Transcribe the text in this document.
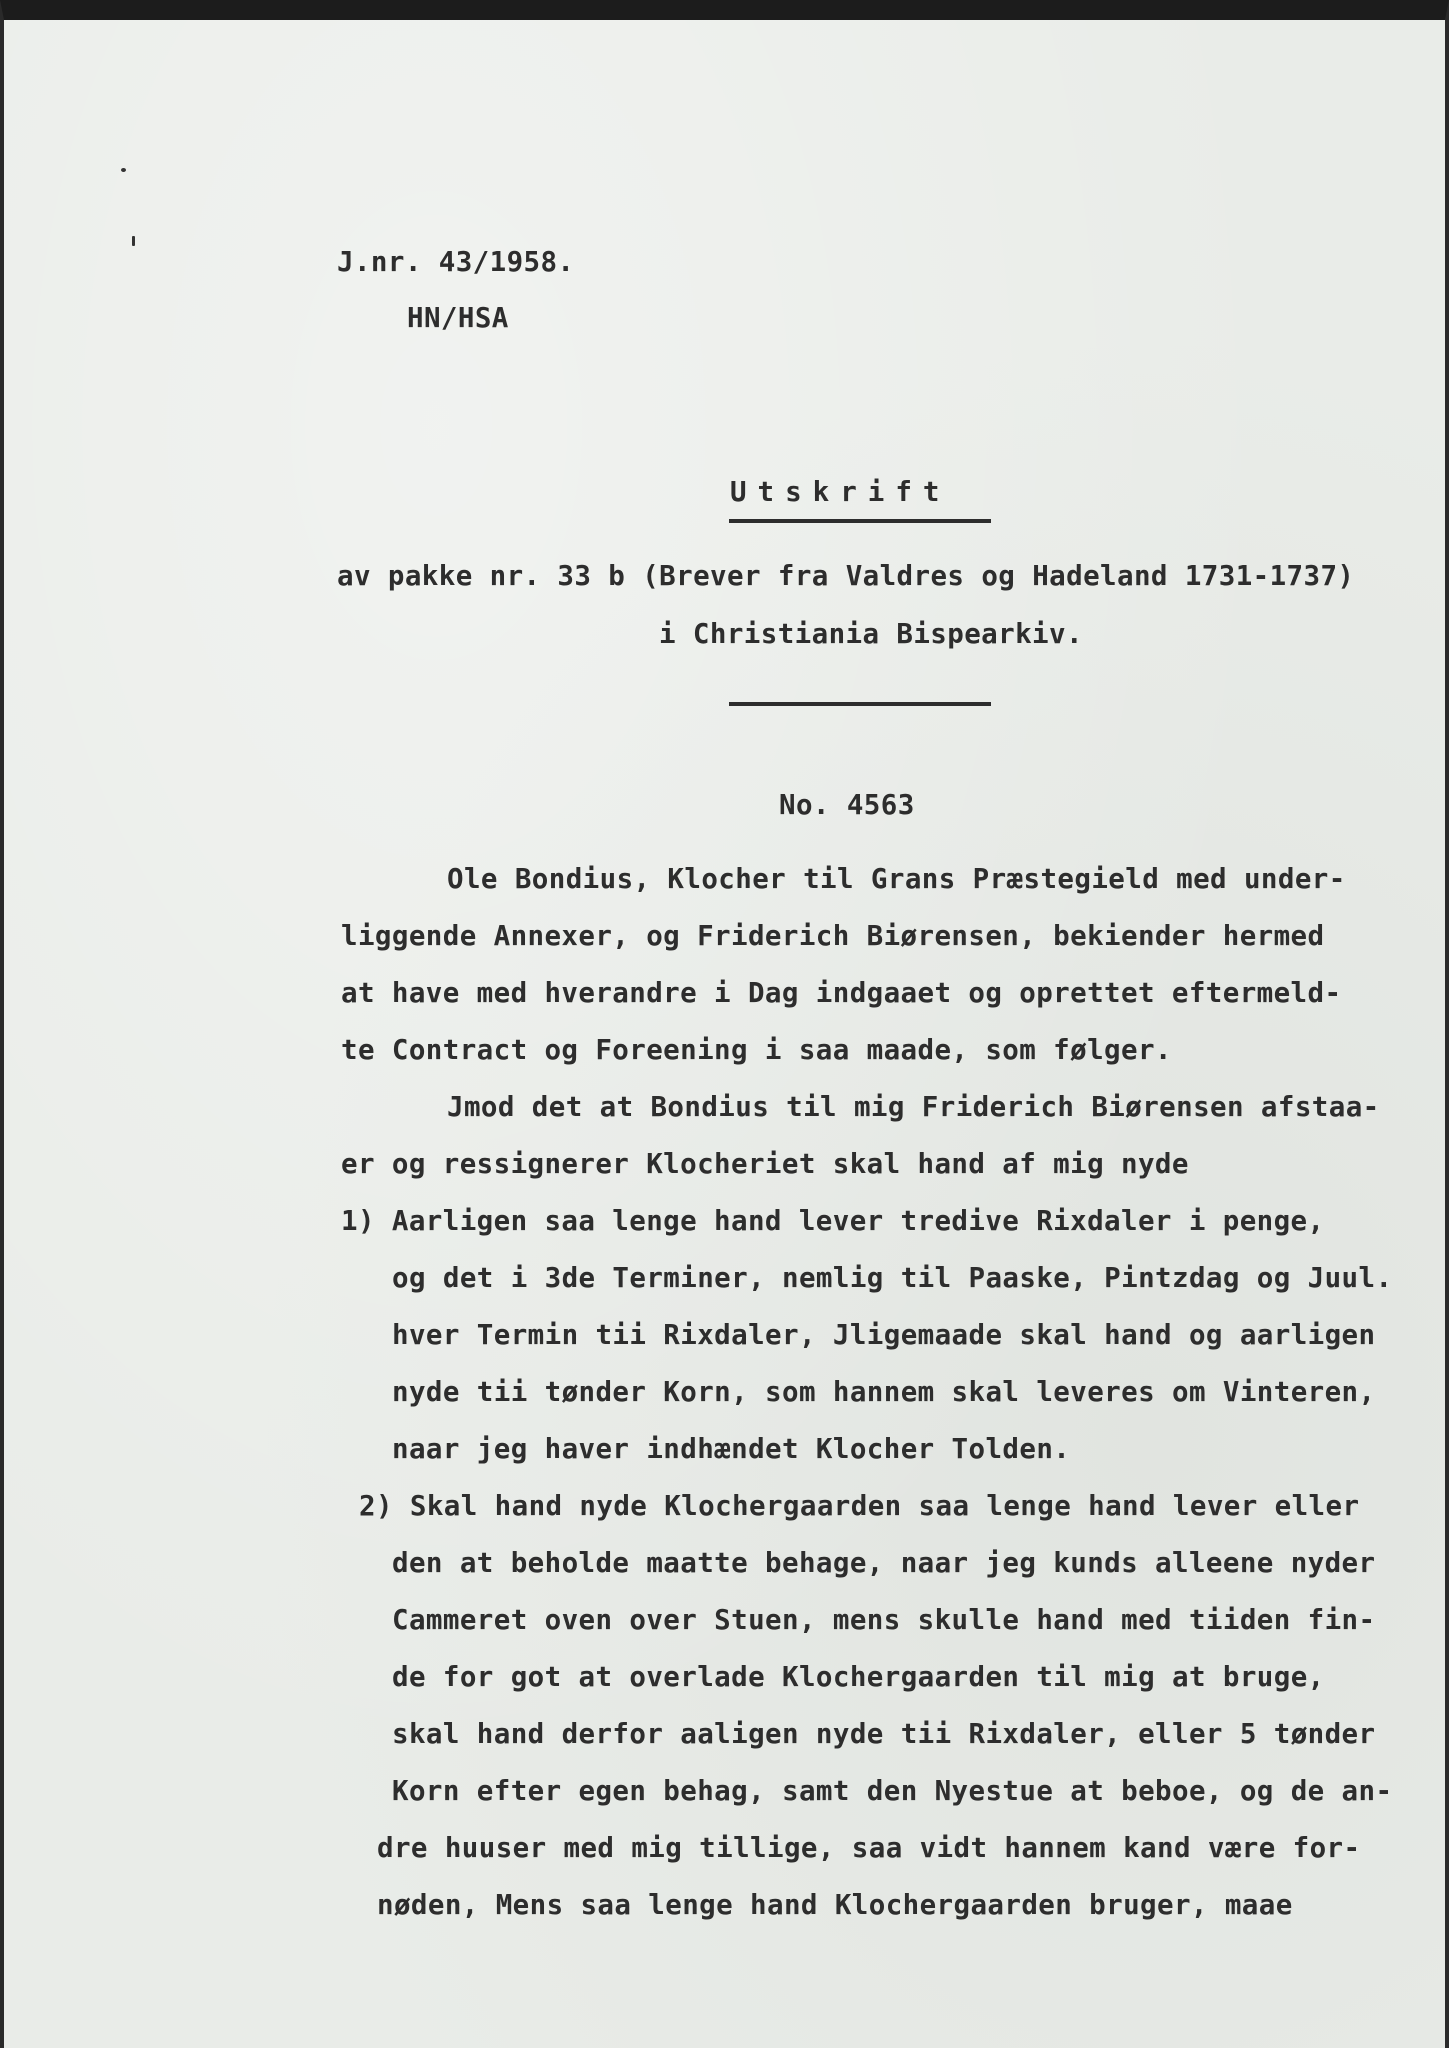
J.nr. 43/1958.
HN/HSA
Utskrift
av pakke nr. 33 b (Brever fra Valdres og Hadeland 1731-1737)
i Christiania Bispearkiv.
No. 4563
Ole Bondius, Klocher til Grans Præstegield med under-
liggende Annexer, og Friderich Biørensen, bekiender hermed
at have med hverandre i Dag indgaaet og oprettet eftermeld-
te Contract og Foreening i saa maade, som følger.
Jmod det at Bondius til mig Friderich Biørensen afstaa-
er og ressignerer Klocheriet skal hand af mig nyde
1) Aarligen saa lenge hand lever tredive Rixdaler i penge,
og det i 3de Terminer, nemlig til Paaske, Pintzdag og Juul.
hver Termin tii Rixdaler, Jligemaade skal hand og aarligen
nyde tii tønder Korn, som hannem skal leveres om Vinteren,
naar jeg haver indhændet Klocher Tolden.
2) Skal hand nyde Klochergaarden saa lenge hand lever eller
den at beholde maatte behage, naar jeg kunds alleene nyder
Cammeret oven over Stuen, mens skulle hand med tiiden fin-
de for got at overlade Klochergaarden til mig at bruge,
skal hand derfor aaligen nyde tii Rixdaler, eller 5 tønder
Korn efter egen behag, samt den Nyestue at beboe, og de an-
dre huuser med mig tillige, saa vidt hannem kand være for-
nøden, Mens saa lenge hand Klochergaarden bruger, maae
